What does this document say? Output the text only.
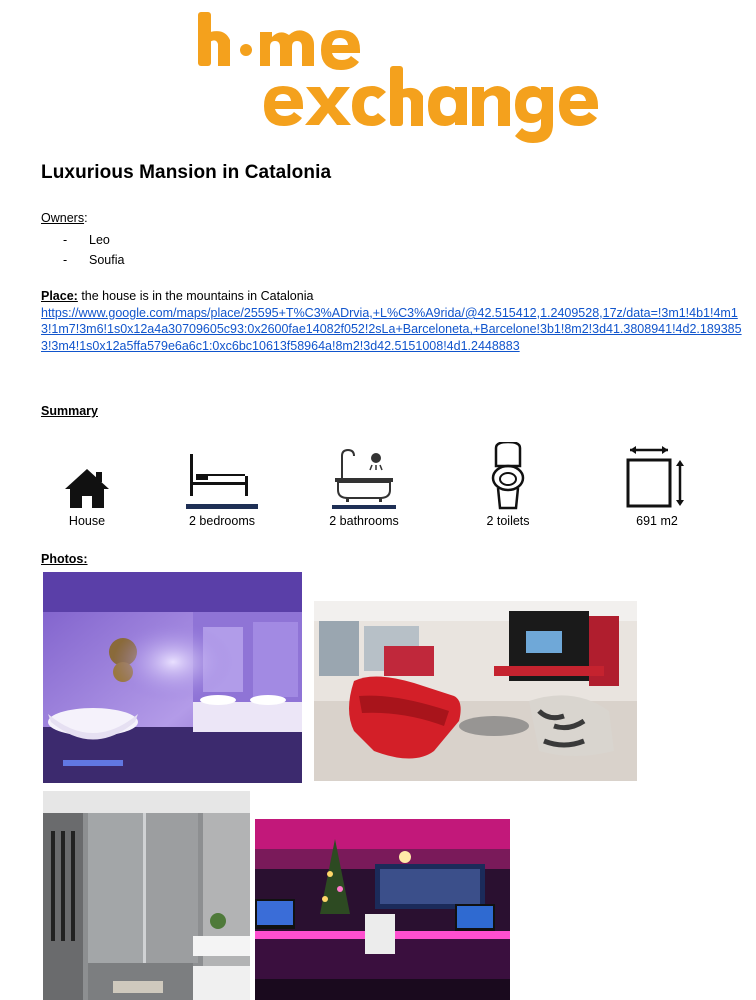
Luxurious Mansion in Catalonia
Owners:
-	Leo
-	Soufia
Place: the house is in the mountains in Catalonia
https://www.google.com/maps/place/25595+T%C3%ADrvia,+L%C3%A9rida/@42.515412,1.2409528,17z/data=!3m1!4b1!4m13!1m7!3m6!1s0x12a4a30709605c93:0x2600fae14082f052!2sLa+Barceloneta,+Barcelone!3b1!8m2!3d41.3808941!4d2.1893853!3m4!1s0x12a5ffa579e6a6c1:0xc6bc10613f58964a!8m2!3d42.5151008!4d1.2448883
Summary
House	2 bedrooms	2 bathrooms	2 toilets	691 m2
Photos:
